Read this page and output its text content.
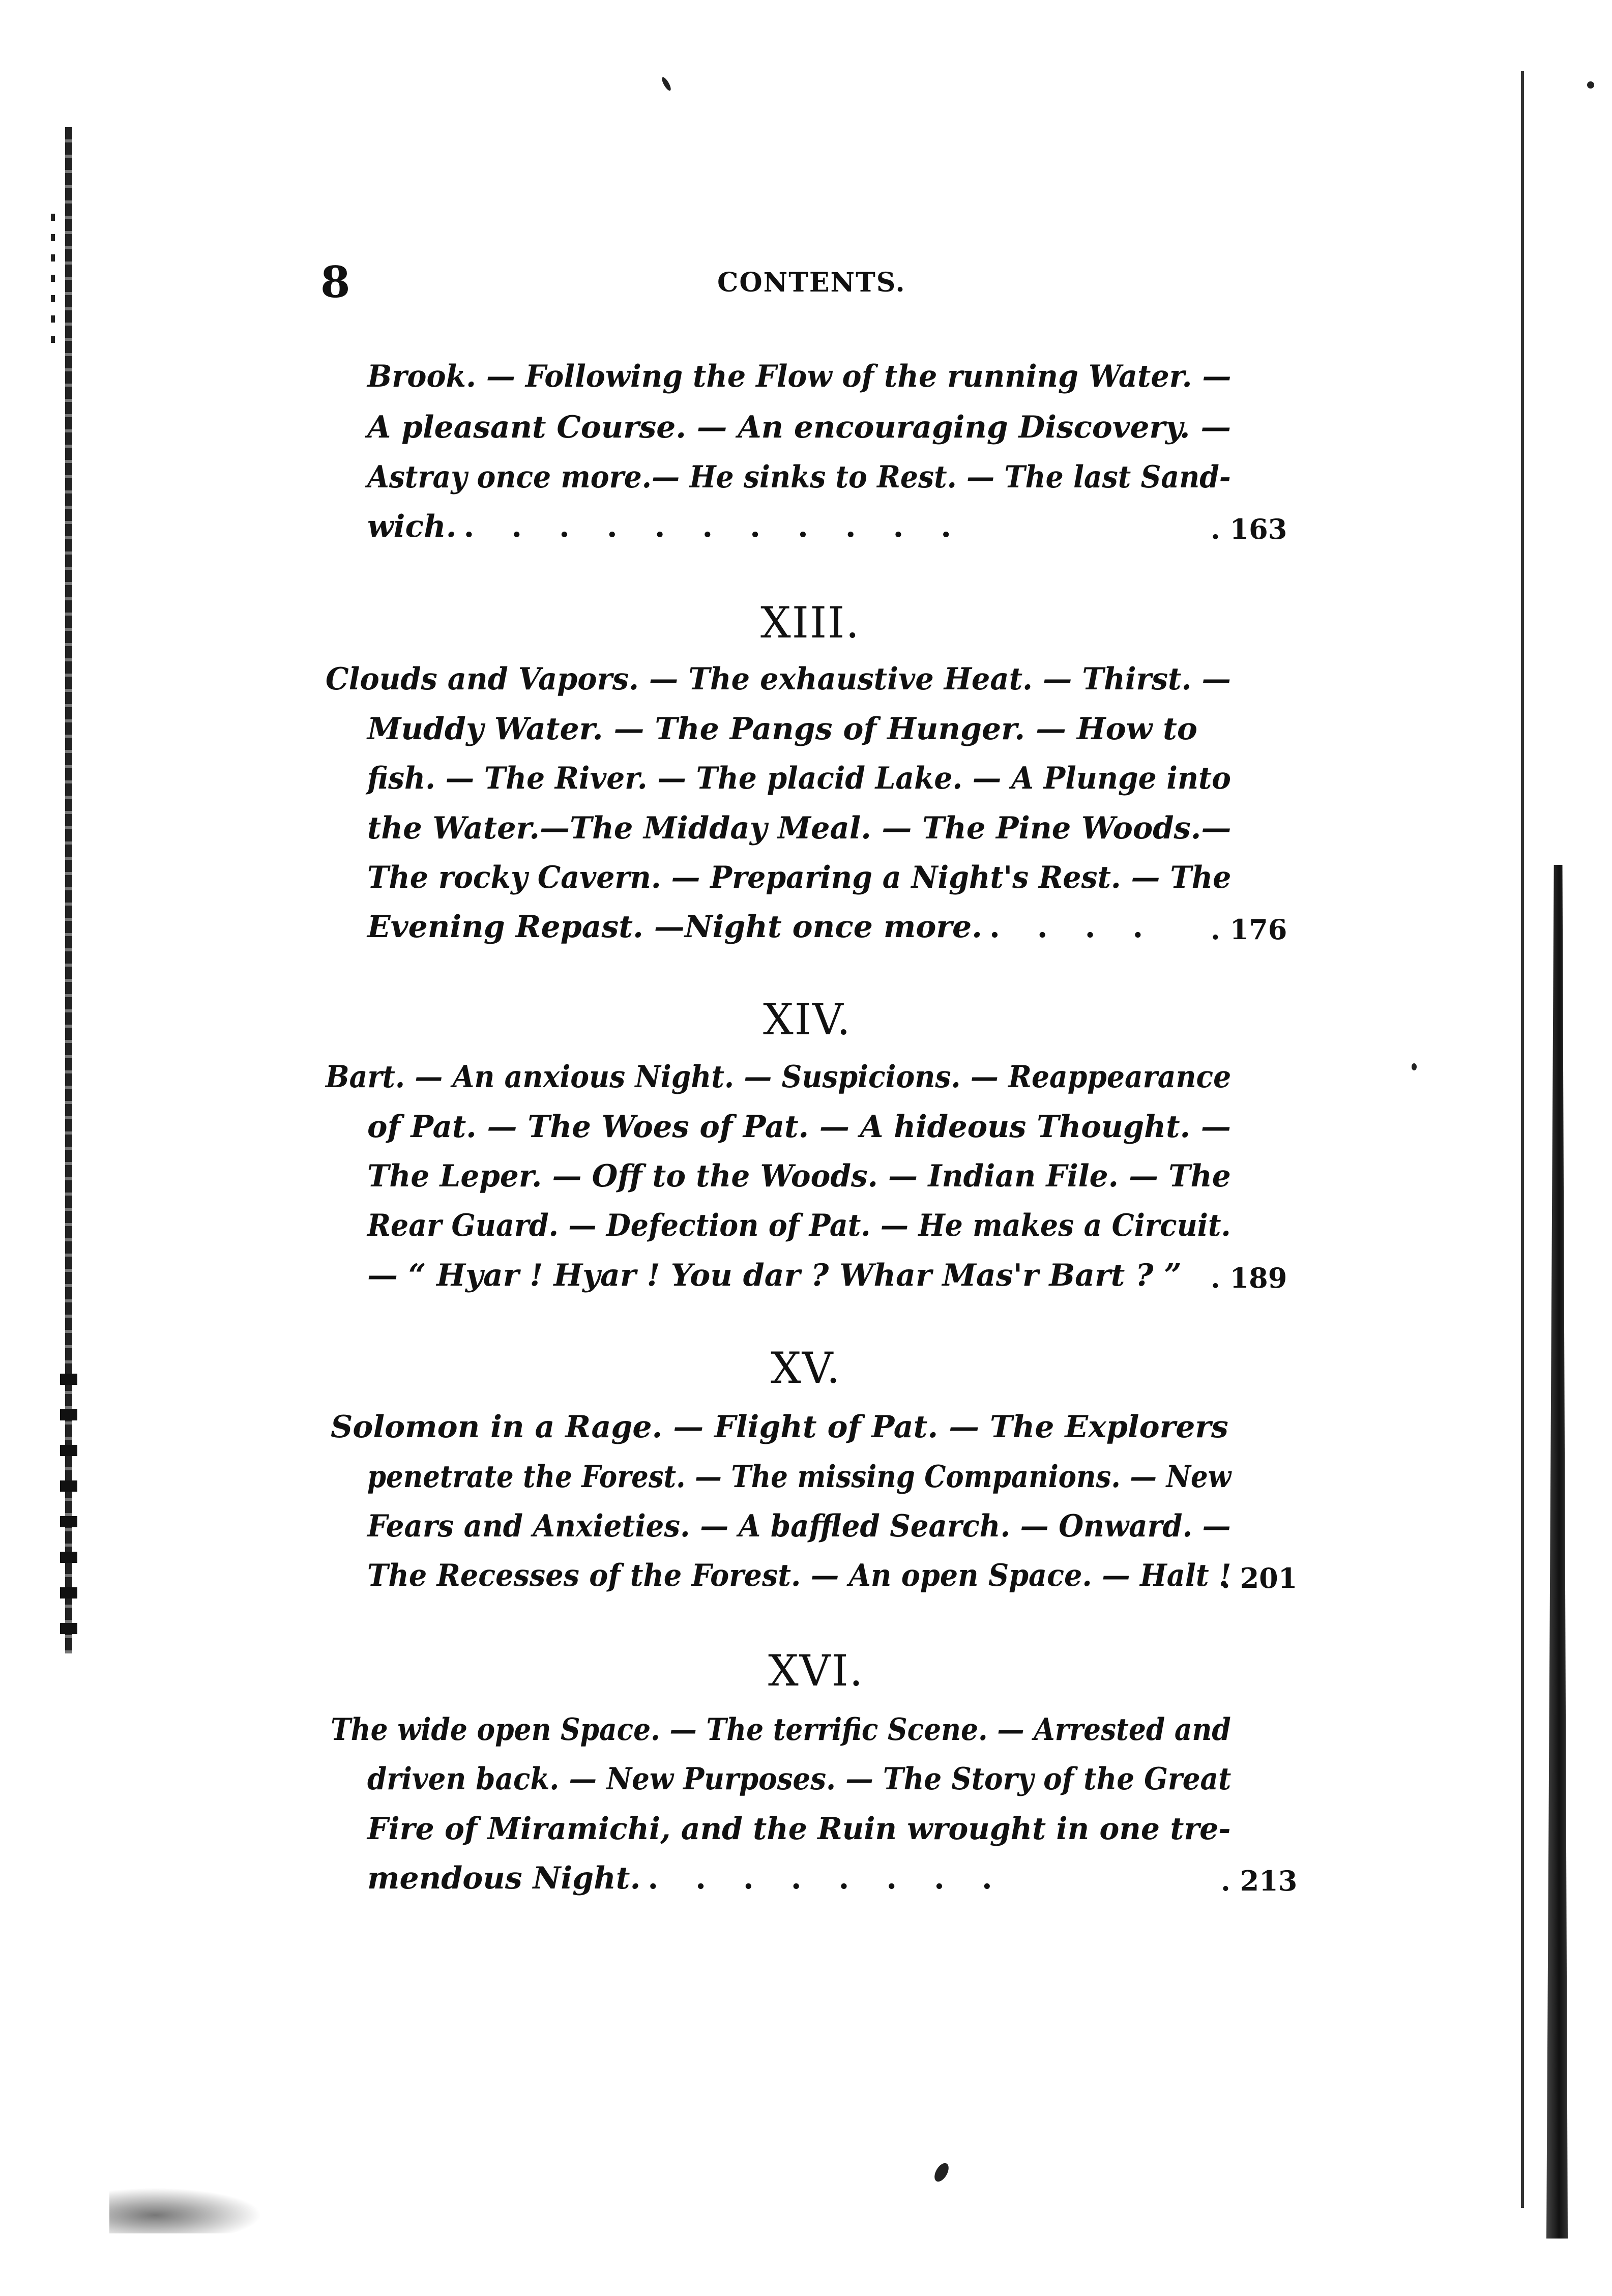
8	CONTENTS.
Brook. — Following the Flow of the running Water. —
A pleasant Course. — An encouraging Discovery. —
Astray once more.— He sinks to Rest. — The last Sand-
wich. . . . . . . . . . . .	. 163
XIII.
Clouds and Vapors. — The exhaustive Heat. — Thirst. —
Muddy Water. — The Pangs of Hunger. — How to
fish. — The River. — The placid Lake. — A Plunge into
the Water.—The Midday Meal. — The Pine Woods.—
The rocky Cavern. — Preparing a Night's Rest. — The
Evening Repast. —Night once more. . . . . . 176
XIV.
Bart. — An anxious Night. — Suspicions. — Reappearance
of Pat. — The Woes of Pat. — A hideous Thought. —
The Leper. — Off to the Woods. — Indian File. — The
Rear Guard. — Defection of Pat. — He makes a Circuit.
— “ Hyar ! Hyar ! You dar ? Whar Mas'r Bart ? ” . 189
XV.
Solomon in a Rage. — Flight of Pat. — The Explorers
penetrate the Forest. — The missing Companions. — New
Fears and Anxieties. — A baffled Search. — Onward. —
The Recesses of the Forest. — An open Space. — Halt !
. 201
XVI.
The wide open Space. — The terrific Scene. — Arrested and
driven back. — New Purposes. — The Story of the Great
Fire of Miramichi, and the Ruin wrought in one tre-
mendous Night. . . . . . . . .	. 213
